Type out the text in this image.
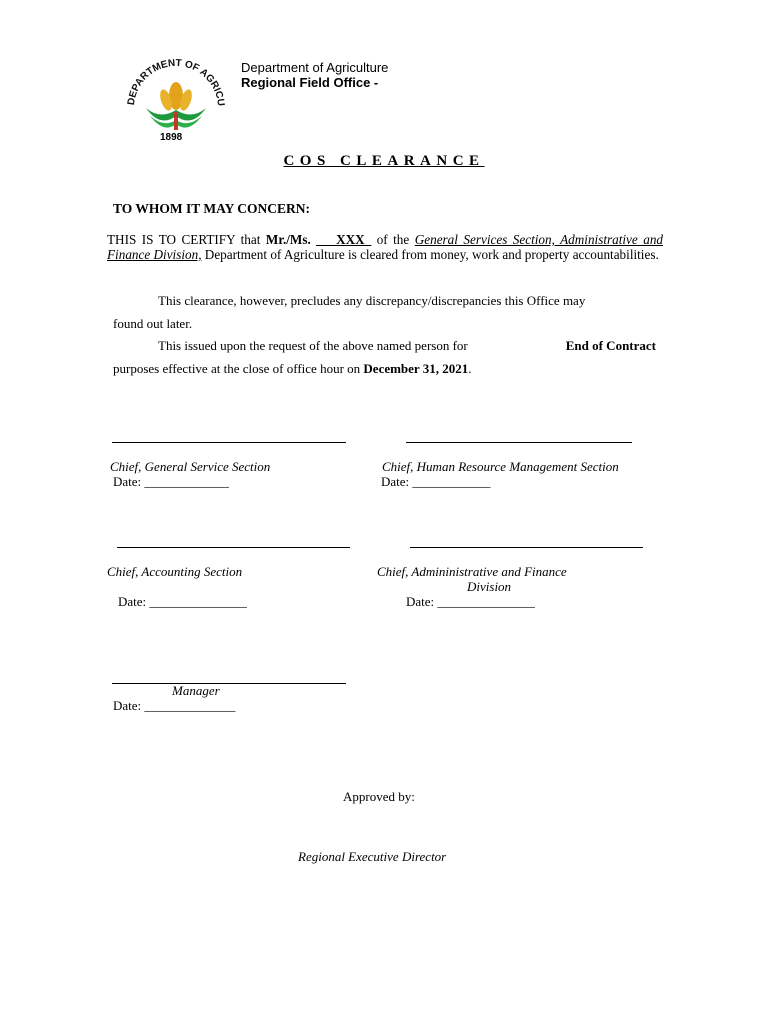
DEPARTMENT OF AGRICU
1898
Department of Agriculture
Regional Field Office -
COS CLEARANCE
TO WHOM IT MAY CONCERN:
THIS IS TO CERTIFY that Mr./Ms. ___XXX_ of the General Services Section, Administrative and Finance Division, Department of Agriculture is cleared from money, work and property accountabilities.
This clearance, however, precludes any discrepancy/discrepancies this Office may
found out later.
This issued upon the request of the above named person for	End of Contract
purposes effective at the close of office hour on December 31, 2021.
Chief, General Service Section	Chief, Human Resource Management Section
Date: _____________	Date: ____________
Chief, Accounting Section	Chief, Admininistrative and Finance
Division
Date: _______________	Date: _______________
Manager
Date: ______________
Approved by:
Regional Executive Director
